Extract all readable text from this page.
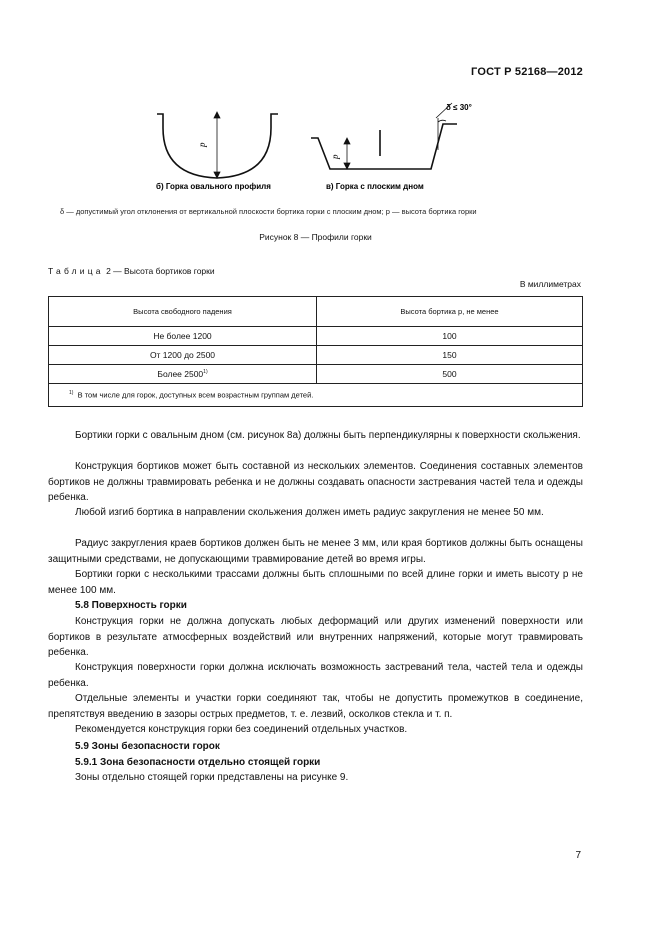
ГОСТ Р 52168—2012
p
p
δ ≤ 30°
б) Горка овального профиля	в) Горка с плоским дном
δ — допустимый угол отклонения от вертикальной плоскости бортика горки с плоским дном; p — высота бортика горки
Рисунок 8 — Профили горки
Таблица 2 — Высота бортиков горки
В миллиметрах
Высота свободного падения	Высота бортика р, не менее
Не более 1200	100
От 1200 до 2500	150
Более 2500$^{1)}$	500
$^{1)}$ В том числе для горок, доступных всем возрастным группам детей.	

Бортики горки с овальным дном (см. рисунок 8а) должны быть перпендикулярны к поверхности скольжения.

Конструкция бортиков может быть составной из нескольких элементов. Соединения составных элементов бортиков не должны травмировать ребенка и не должны создавать опасности застревания частей тела и одежды ребенка.

Любой изгиб бортика в направлении скольжения должен иметь радиус закругления не менее 50 мм.

Радиус закругления краев бортиков должен быть не менее 3 мм, или края бортиков должны быть оснащены защитными средствами, не допускающими травмирование детей во время игры.

Бортики горки с несколькими трассами должны быть сплошными по всей длине горки и иметь высоту р не менее 100 мм.

5.8 Поверхность горки

Конструкция горки не должна допускать любых деформаций или других изменений поверхности или бортиков в результате атмосферных воздействий или внутренних напряжений, которые могут травмировать ребенка.

Конструкция поверхности горки должна исключать возможность застреваний тела, частей тела и одежды ребенка.

Отдельные элементы и участки горки соединяют так, чтобы не допустить промежутков в соединение, препятствуя введению в зазоры острых предметов, т. е. лезвий, осколков стекла и т. п.

Рекомендуется конструкция горки без соединений отдельных участков.

5.9 Зоны безопасности горок
5.9.1 Зона безопасности отдельно стоящей горки

Зоны отдельно стоящей горки представлены на рисунке 9.

7
